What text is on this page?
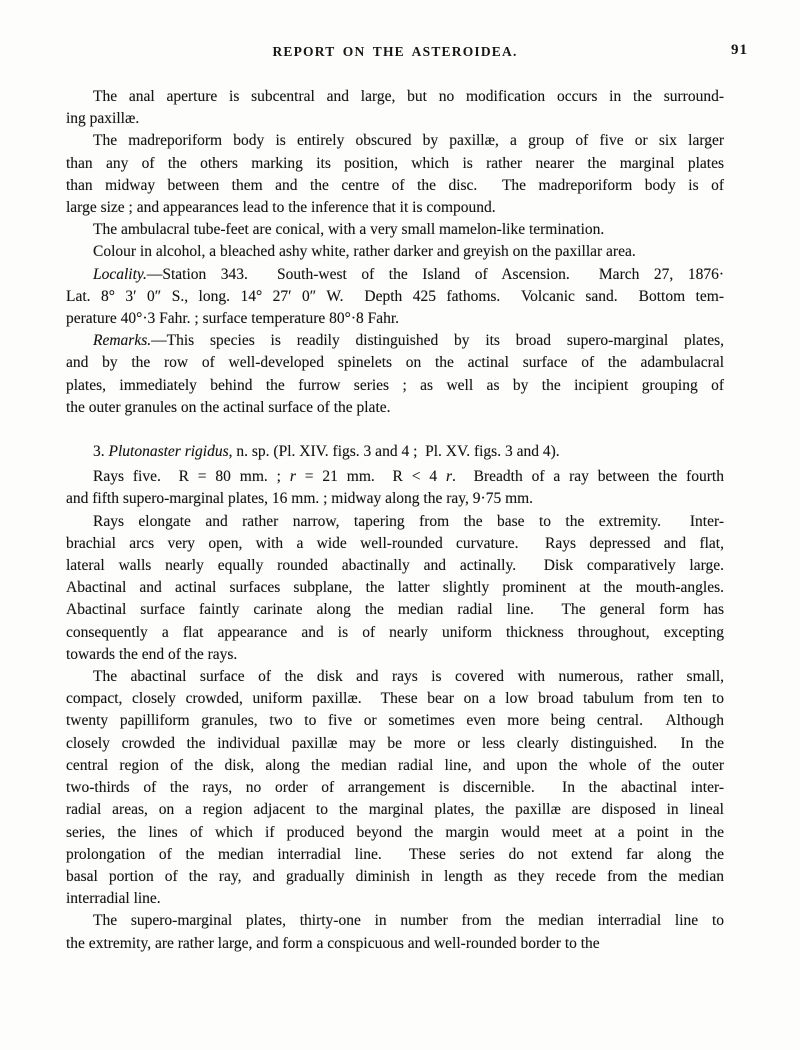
REPORT ON THE ASTEROIDEA.	91

The anal aperture is subcentral and large, but no modification occurs in the surround-
ing paxillæ.

The madreporiform body is entirely obscured by paxillæ, a group of five or six larger
than any of the others marking its position, which is rather nearer the marginal plates
than midway between them and the centre of the disc.  The madreporiform body is of
large size ; and appearances lead to the inference that it is compound.

The ambulacral tube-feet are conical, with a very small mamelon-like termination.

Colour in alcohol, a bleached ashy white, rather darker and greyish on the paxillar area.

Locality.—Station 343.  South-west of the Island of Ascension.  March 27, 1876·
Lat. 8° 3′ 0″ S., long. 14° 27′ 0″ W.  Depth 425 fathoms.  Volcanic sand.  Bottom tem-
perature 40°·3 Fahr. ; surface temperature 80°·8 Fahr.

Remarks.—This species is readily distinguished by its broad supero-marginal plates,
and by the row of well-developed spinelets on the actinal surface of the adambulacral
plates, immediately behind the furrow series ; as well as by the incipient grouping of
the outer granules on the actinal surface of the plate.

3. Plutonaster rigidus, n. sp. (Pl. XIV. figs. 3 and 4 ;  Pl. XV. figs. 3 and 4).

Rays five.  R = 80 mm. ; r = 21 mm.  R < 4 r.  Breadth of a ray between the fourth
and fifth supero-marginal plates, 16 mm. ; midway along the ray, 9·75 mm.

Rays elongate and rather narrow, tapering from the base to the extremity.  Inter-
brachial arcs very open, with a wide well-rounded curvature.  Rays depressed and flat,
lateral walls nearly equally rounded abactinally and actinally.  Disk comparatively large.
Abactinal and actinal surfaces subplane, the latter slightly prominent at the mouth-angles.
Abactinal surface faintly carinate along the median radial line.  The general form has
consequently a flat appearance and is of nearly uniform thickness throughout, excepting
towards the end of the rays.

The abactinal surface of the disk and rays is covered with numerous, rather small,
compact, closely crowded, uniform paxillæ.  These bear on a low broad tabulum from ten to
twenty papilliform granules, two to five or sometimes even more being central.  Although
closely crowded the individual paxillæ may be more or less clearly distinguished.  In the
central region of the disk, along the median radial line, and upon the whole of the outer
two-thirds of the rays, no order of arrangement is discernible.  In the abactinal inter-
radial areas, on a region adjacent to the marginal plates, the paxillæ are disposed in lineal
series, the lines of which if produced beyond the margin would meet at a point in the
prolongation of the median interradial line.  These series do not extend far along the
basal portion of the ray, and gradually diminish in length as they recede from the median
interradial line.

The supero-marginal plates, thirty-one in number from the median interradial line to
the extremity, are rather large, and form a conspicuous and well-rounded border to the
